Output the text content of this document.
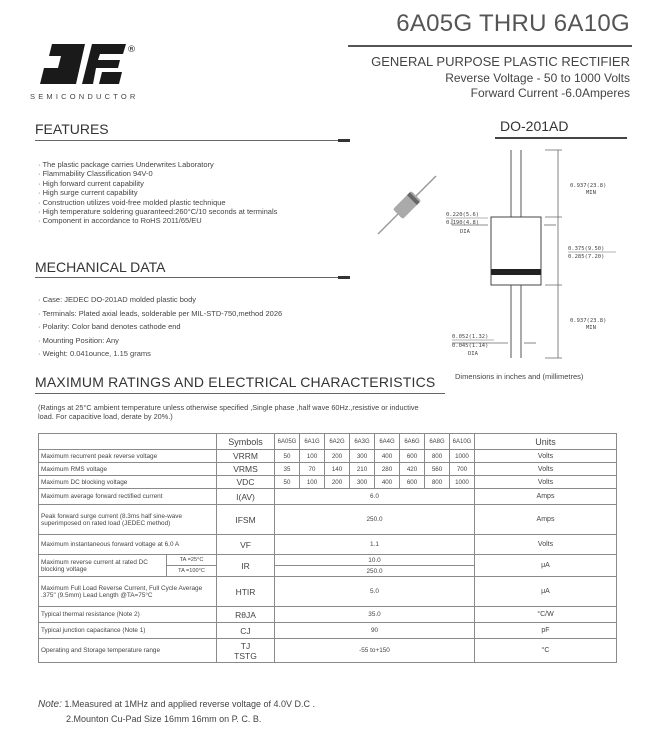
6A05G THRU 6A10G
®
SEMICONDUCTOR
GENERAL PURPOSE PLASTIC RECTIFIER
Reverse Voltage - 50 to 1000 Volts
Forward Current -6.0Amperes
FEATURES
· The plastic package carries Underwrites Laboratory
· Flammability Classification 94V-0
· High forward current capability
· High surge current capability
· Construction utilizes void-free molded plastic technique
· High temperature soldering guaranteed:260°C/10 seconds at terminals
· Component in accordance to RoHS 2011/65/EU
MECHANICAL DATA
· Case: JEDEC DO-201AD molded plastic body
· Terminals: Plated axial leads, solderable per MIL-STD-750,method 2026
· Polarity: Color band denotes cathode end
· Mounting Position: Any
· Weight: 0.041ounce, 1.15 grams
DO-201AD
0.937(23.8)
MIN
0.220(5.6)
0.190(4.8)
DIA
0.375(9.50)
0.285(7.20)
0.937(23.8)
MIN
0.052(1.32)
0.045(1.14)
DIA
Dimensions in inches and (millimetres)
MAXIMUM RATINGS AND ELECTRICAL CHARACTERISTICS
(Ratings at 25°C ambient temperature unless otherwise specified ,Single phase ,half wave 60Hz.,resistive or inductive
load. For capacitive load, derate by 20%.)
		Symbols	6A05G	6A1G	6A2G	6A3G	6A4G	6A6G	6A8G	6A10G	Units
Maximum recurrent peak reverse voltage		VRRM	50	100	200	300	400	600	800	1000	Volts
Maximum RMS voltage		VRMS	35	70	140	210	280	420	560	700	Volts
Maximum DC blocking voltage		VDC	50	100	200	300	400	600	800	1000	Volts
Maximum average forward rectified current		I(AV)	6.0								Amps
Peak forward surge current (8.3ms half sine-wave superimposed on rated load (JEDEC method)		IFSM	250.0								Amps
Maximum instantaneous forward voltage at 6.0 A		VF	1.1								Volts
Maximum reverse current at rated DC blocking voltage	TA =25°C	IR	10.0								μA
	TA =100°C		250.0								
Maximum Full Load Reverse Current, Full Cycle Average .375" (9.5mm) Lead Length @TA=75°C		HTIR	5.0								μA
Typical thermal resistance (Note 2)		RθJA	35.0								°C/W
Typical junction capacitance (Note 1)		CJ	90								pF
Operating and Storage temperature range		TJ
TSTG	-55 to+150								°C
Note: 1.Measured at 1MHz and applied reverse voltage of 4.0V D.C .
2.Mounton Cu-Pad Size 16mm 16mm on P. C. B.
